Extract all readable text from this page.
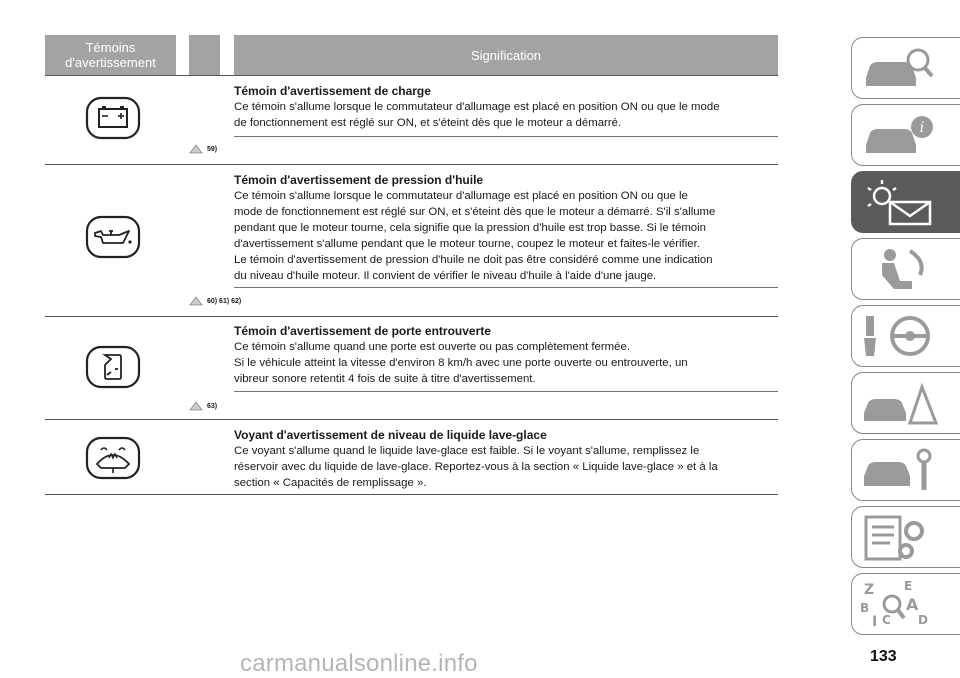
Témoins
d'avertissement	Signification
Témoin d'avertissement de charge
Ce témoin s'allume lorsque le commutateur d'allumage est placé en position ON ou que le mode
de fonctionnement est réglé sur ON, et s'éteint dès que le moteur a démarré.
59)
Témoin d'avertissement de pression d'huile
Ce témoin s'allume lorsque le commutateur d'allumage est placé en position ON ou que le
mode de fonctionnement est réglé sur ON, et s'éteint dès que le moteur a démarré. S'il s'allume
pendant que le moteur tourne, cela signifie que la pression d'huile est trop basse. Si le témoin
d'avertissement s'allume pendant que le moteur tourne, coupez le moteur et faites-le vérifier.
Le témoin d'avertissement de pression d'huile ne doit pas être considéré comme une indication
du niveau d'huile moteur. Il convient de vérifier le niveau d'huile à l'aide d'une jauge.
60) 61) 62)
Témoin d'avertissement de porte entrouverte
Ce témoin s'allume quand une porte est ouverte ou pas complètement fermée.
Si le véhicule atteint la vitesse d'environ 8 km/h avec une porte ouverte ou entrouverte, un
vibreur sonore retentit 4 fois de suite à titre d'avertissement.
63)
Voyant d'avertissement de niveau de liquide lave-glace
Ce voyant s'allume quand le liquide lave-glace est faible. Si le voyant s'allume, remplissez le
réservoir avec du liquide de lave-glace. Reportez-vous à la section « Liquide lave-glace » et à la
section « Capacités de remplissage ».
i
Z E
B A
I C D
133
carmanualsonline.info
